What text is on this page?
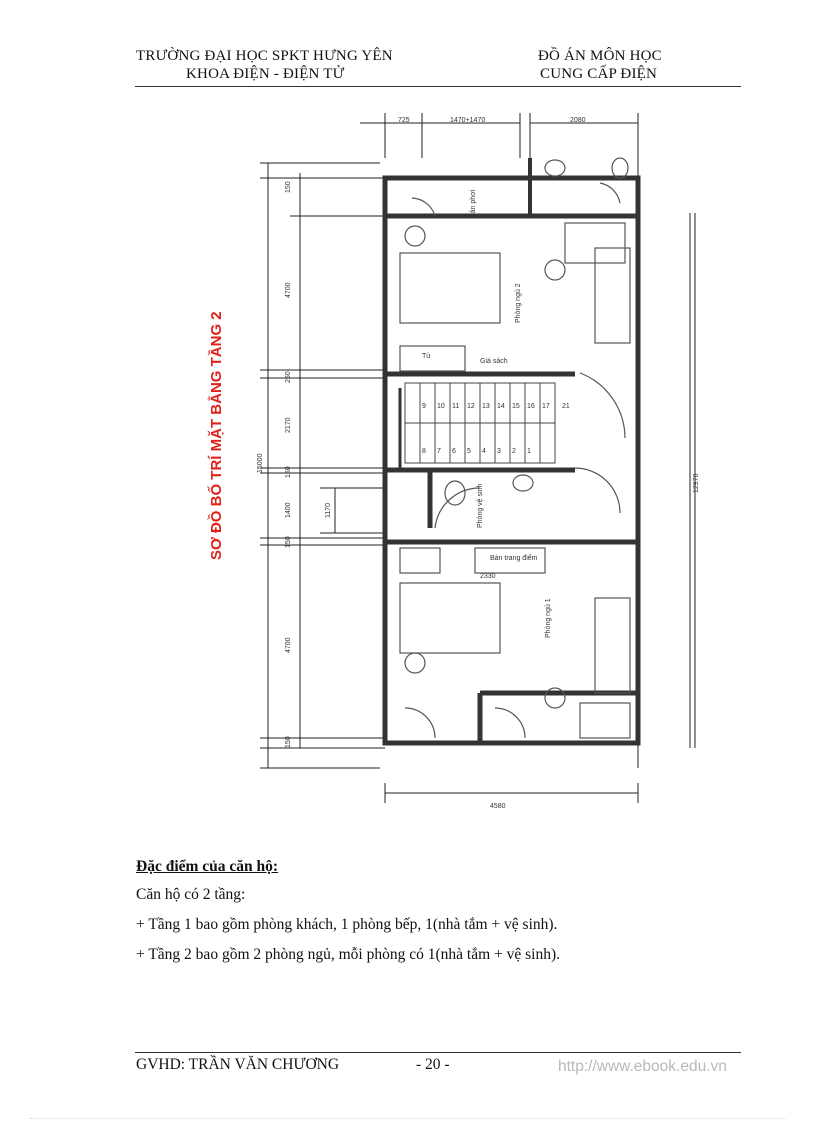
TRƯỜNG ĐẠI HỌC SPKT HƯNG YÊN
KHOA ĐIỆN - ĐIỆN TỬ
ĐỒ ÁN MÔN HỌC
CUNG CẤP ĐIỆN
9 10 11 12 13 14 15 16 17
8 7 6 5 4 3 2 1
21
725	1470+1470	2080
4580
2330
150
4700
250
2170
150
1400	1170
150
4700
150
15000
12970
Phòng ngủ 2
Phòng ngủ 1
Phòng vệ sinh
Sân phơi
Tủ
Giá sách
Bàn trang điểm
SƠ ĐỒ BỐ TRÍ MẶT BẰNG TẦNG 2
Đặc điểm của căn hộ:
Căn hộ có 2 tầng:
+ Tầng 1 bao gồm phòng khách, 1 phòng bếp, 1(nhà tắm + vệ sinh).
+ Tầng 2 bao gồm 2 phòng ngủ, mỗi phòng có 1(nhà tắm + vệ sinh).
GVHD: TRẦN VĂN CHƯƠNG	- 20 -	http://www.ebook.edu.vn
